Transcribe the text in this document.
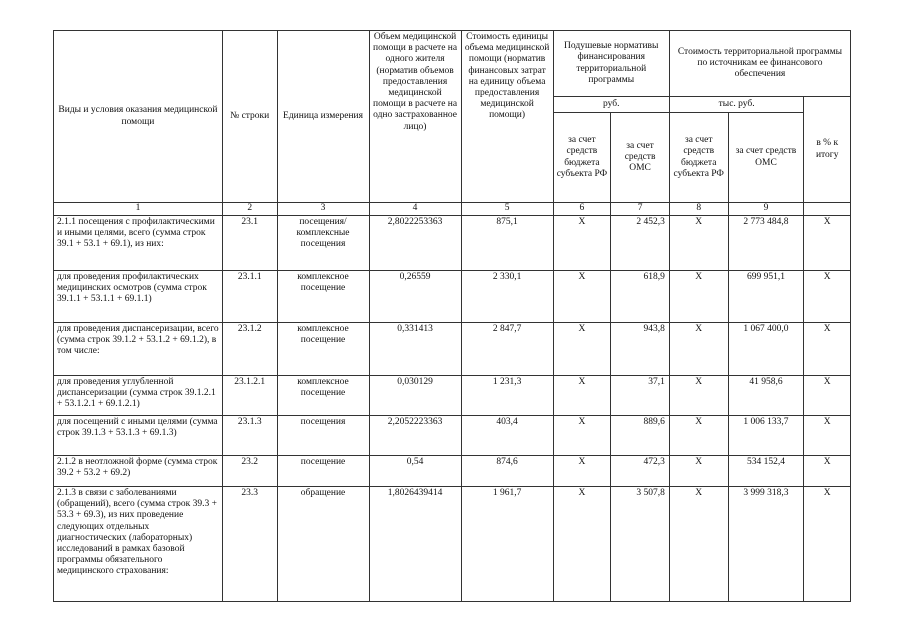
Виды и условия оказания медицинской помощи	№ строки	Единица измерения	Объем медицинской помощи в расчете на одного жителя (норматив объемов предоставления медицинской помощи в расчете на одно застрахованное лицо)	Стоимость единицы объема медицинской помощи (норматив финансовых затрат на единицу объема предоставления медицинской помощи)	Подушевые нормативы финансирования территориальной программы		Стоимость территориальной программы по источникам ее финансового обеспечения		
					руб.		тыс. руб.		в % к итогу
					за счет средств бюджета субъекта РФ	за счет средств ОМС	за счет средств бюджета субъекта РФ	за счет средств ОМС	
1	2	3	4	5	6	7	8	9	
2.1.1 посещения с профилактическими и иными целями, всего (сумма строк 39.1 + 53.1 + 69.1), из них:	23.1	посещения/ комплексные посещения	2,8022253363	875,1	Х	2 452,3	Х	2 773 484,8	Х
для проведения профилактических медицинских осмотров (сумма строк 39.1.1 + 53.1.1 + 69.1.1)	23.1.1	комплексное посещение	0,26559	2 330,1	Х	618,9	Х	699 951,1	Х
для проведения диспансеризации, всего (сумма строк 39.1.2 + 53.1.2 + 69.1.2), в том числе:	23.1.2	комплексное посещение	0,331413	2 847,7	Х	943,8	Х	1 067 400,0	Х
для проведения углубленной диспансеризации (сумма строк 39.1.2.1 + 53.1.2.1 + 69.1.2.1)	23.1.2.1	комплексное посещение	0,030129	1 231,3	Х	37,1	Х	41 958,6	Х
для посещений с иными целями (сумма строк 39.1.3 + 53.1.3 + 69.1.3)	23.1.3	посещения	2,2052223363	403,4	Х	889,6	Х	1 006 133,7	Х
2.1.2 в неотложной форме (сумма строк 39.2 + 53.2 + 69.2)	23.2	посещение	0,54	874,6	Х	472,3	Х	534 152,4	Х
2.1.3 в связи с заболеваниями (обращений), всего (сумма строк 39.3 + 53.3 + 69.3), из них проведение следующих отдельных диагностических (лабораторных) исследований в рамках базовой программы обязательного медицинского страхования:	23.3	обращение	1,8026439414	1 961,7	Х	3 507,8	Х	3 999 318,3	Х
